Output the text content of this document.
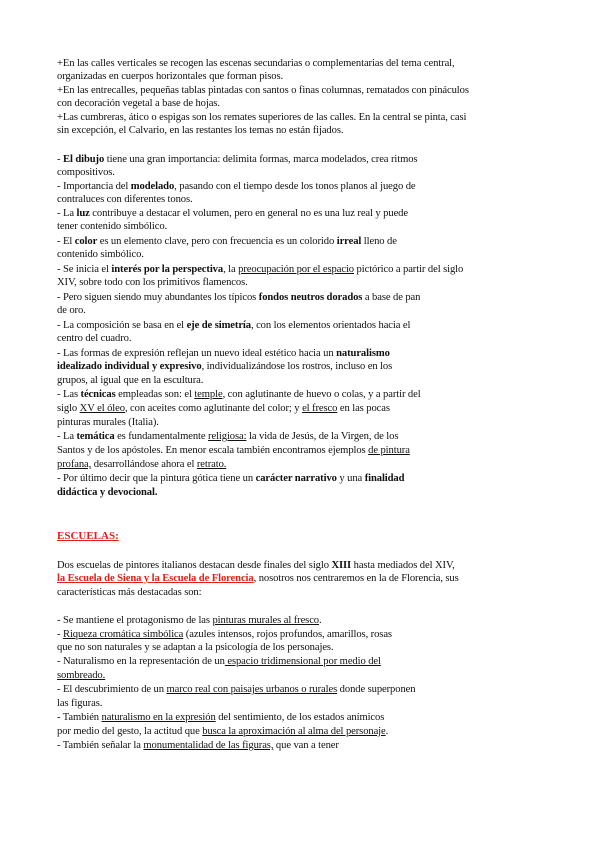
+En las calles verticales se recogen las escenas secundarias o complementarias del tema central,
organizadas en cuerpos horizontales que forman pisos.
+En las entrecalles, pequeñas tablas pintadas con santos o finas columnas, rematados con pináculos
con decoración vegetal a base de hojas.
+Las cumbreras, ático o espigas son los remates superiores de las calles. En la central se pinta, casi
sin excepción, el Calvario, en las restantes los temas no están fijados.
- El dibujo tiene una gran importancia: delimita formas, marca modelados, crea ritmos
compositivos.
- Importancia del modelado, pasando con el tiempo desde los tonos planos al juego de
contraluces con diferentes tonos.
- La luz contribuye a destacar el volumen, pero en general no es una luz real y puede
tener contenido simbólico.
- El color es un elemento clave, pero con frecuencia es un colorido irreal lleno de
contenido simbólico.
- Se inicia el interés por la perspectiva, la preocupación por el espacio pictórico a partir del siglo
XIV, sobre todo con los primitivos flamencos.
- Pero siguen siendo muy abundantes los típicos fondos neutros dorados a base de pan
de oro.
- La composición se basa en el eje de simetría, con los elementos orientados hacia el
centro del cuadro.
- Las formas de expresión reflejan un nuevo ideal estético hacia un naturalismo
idealizado individual y expresivo, individualizándose los rostros, incluso en los
grupos, al igual que en la escultura.
- Las técnicas empleadas son: el temple, con aglutinante de huevo o colas, y a partir del
siglo XV el óleo, con aceites como aglutinante del color; y el fresco en las pocas
pinturas murales (Italia).
- La temática es fundamentalmente religiosa: la vida de Jesús, de la Virgen, de los
Santos y de los apóstoles. En menor escala también encontramos ejemplos de pintura
profana, desarrollándose ahora el retrato.
- Por último decir que la pintura gótica tiene un carácter narrativo y una finalidad
didáctica y devocional.
ESCUELAS:
Dos escuelas de pintores italianos destacan desde finales del siglo XIII hasta mediados del XIV,
la Escuela de Siena y la Escuela de Florencia, nosotros nos centraremos en la de Florencia, sus
características más destacadas son:
- Se mantiene el protagonismo de las pinturas murales al fresco.
- Riqueza cromática simbólica (azules intensos, rojos profundos, amarillos, rosas
que no son naturales y se adaptan a la psicología de los personajes.
- Naturalismo en la representación de un espacio tridimensional por medio del
sombreado.
- El descubrimiento de un marco real con paisajes urbanos o rurales donde superponen
las figuras.
- También naturalismo en la expresión del sentimiento, de los estados anímicos
por medio del gesto, la actitud que busca la aproximación al alma del personaje.
- También señalar la monumentalidad de las figuras, que van a tener
